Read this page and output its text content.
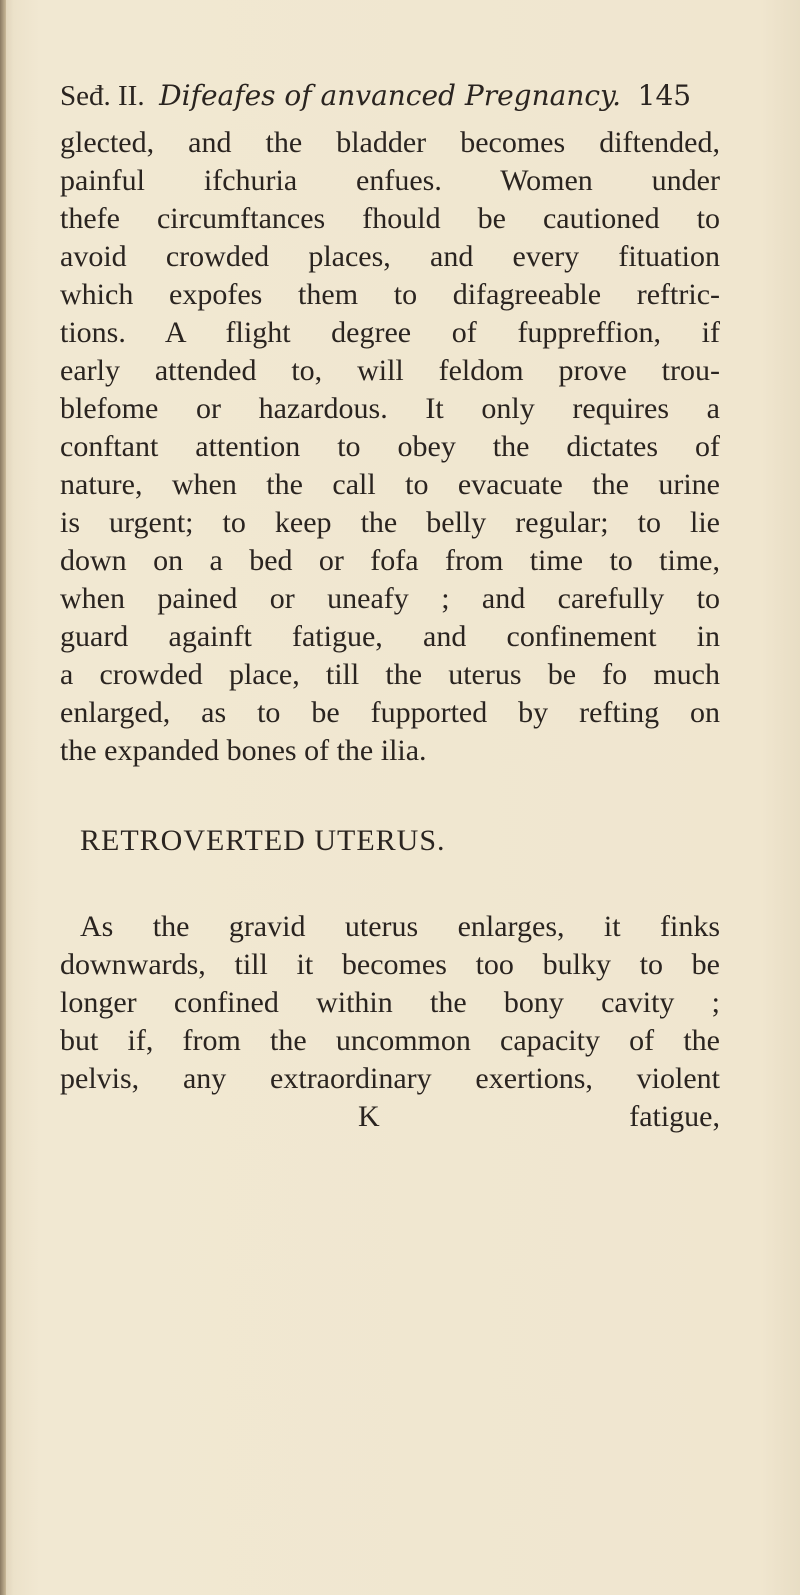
Seđ. II. Difeafes of anvanced Pregnancy. 145
glected, and the bladder becomes diftended,
painful ifchuria enfues. Women under
thefe circumftances fhould be cautioned to
avoid crowded places, and every fituation
which expofes them to difagreeable reftric-
tions. A flight degree of fuppreffion, if
early attended to, will feldom prove trou-
blefome or hazardous. It only requires a
conftant attention to obey the dictates of
nature, when the call to evacuate the urine
is urgent; to keep the belly regular; to lie
down on a bed or fofa from time to time,
when pained or uneafy ; and carefully to
guard againft fatigue, and confinement in
a crowded place, till the uterus be fo much
enlarged, as to be fupported by refting on
the expanded bones of the ilia.
RETROVERTED UTERUS.
As the gravid uterus enlarges, it finks
downwards, till it becomes too bulky to be
longer confined within the bony cavity ;
but if, from the uncommon capacity of the
pelvis, any extraordinary exertions, violent
K	fatigue,
